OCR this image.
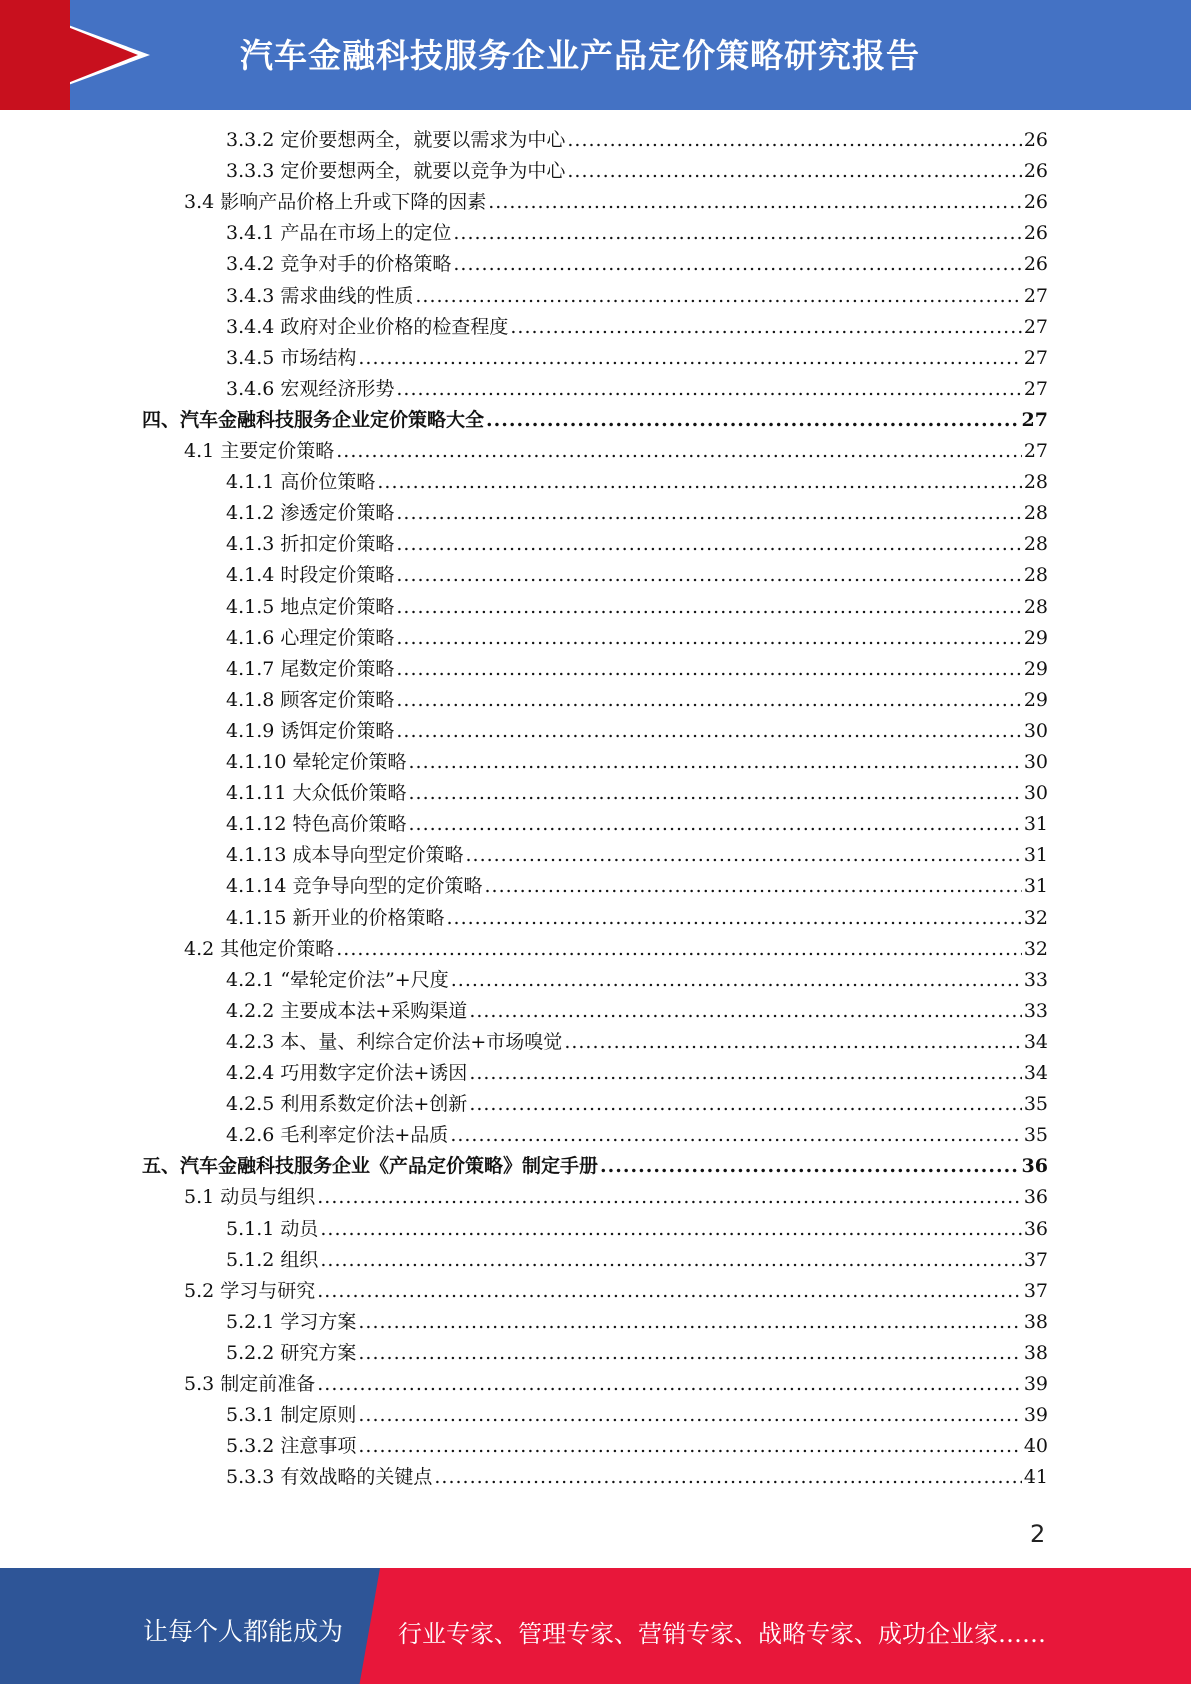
汽车金融科技服务企业产品定价策略研究报告
3.3.2 定价要想两全，就要以需求为中心 .....	26
3.3.3 定价要想两全，就要以竞争为中心 .....	26
3.4 影响产品价格上升或下降的因素 .....	26
3.4.1 产品在市场上的定位 .....	26
3.4.2 竞争对手的价格策略 .....	26
3.4.3 需求曲线的性质 .....	27
3.4.4 政府对企业价格的检查程度 .....	27
3.4.5 市场结构 .....	27
3.4.6 宏观经济形势 .....	27
四、汽车金融科技服务企业定价策略大全 .....	27
4.1 主要定价策略 .....	27
4.1.1 高价位策略 .....	28
4.1.2 渗透定价策略 .....	28
4.1.3 折扣定价策略 .....	28
4.1.4 时段定价策略 .....	28
4.1.5 地点定价策略 .....	28
4.1.6 心理定价策略 .....	29
4.1.7 尾数定价策略 .....	29
4.1.8 顾客定价策略 .....	29
4.1.9 诱饵定价策略 .....	30
4.1.10 晕轮定价策略 .....	30
4.1.11 大众低价策略 .....	30
4.1.12 特色高价策略 .....	31
4.1.13 成本导向型定价策略 .....	31
4.1.14 竞争导向型的定价策略 .....	31
4.1.15 新开业的价格策略 .....	32
4.2 其他定价策略 .....	32
4.2.1 “晕轮定价法”+尺度 .....	33
4.2.2 主要成本法+采购渠道 .....	33
4.2.3 本、量、利综合定价法+市场嗅觉 .....	34
4.2.4 巧用数字定价法+诱因 .....	34
4.2.5 利用系数定价法+创新 .....	35
4.2.6 毛利率定价法+品质 .....	35
五、汽车金融科技服务企业《产品定价策略》制定手册 .....	36
5.1 动员与组织 .....	36
5.1.1 动员 .....	36
5.1.2 组织 .....	37
5.2 学习与研究 .....	37
5.2.1 学习方案 .....	38
5.2.2 研究方案 .....	38
5.3 制定前准备 .....	39
5.3.1 制定原则 .....	39
5.3.2 注意事项 .....	40
5.3.3 有效战略的关键点 .....	41
2
让每个人都能成为 行业专家、管理专家、营销专家、战略专家、成功企业家……
